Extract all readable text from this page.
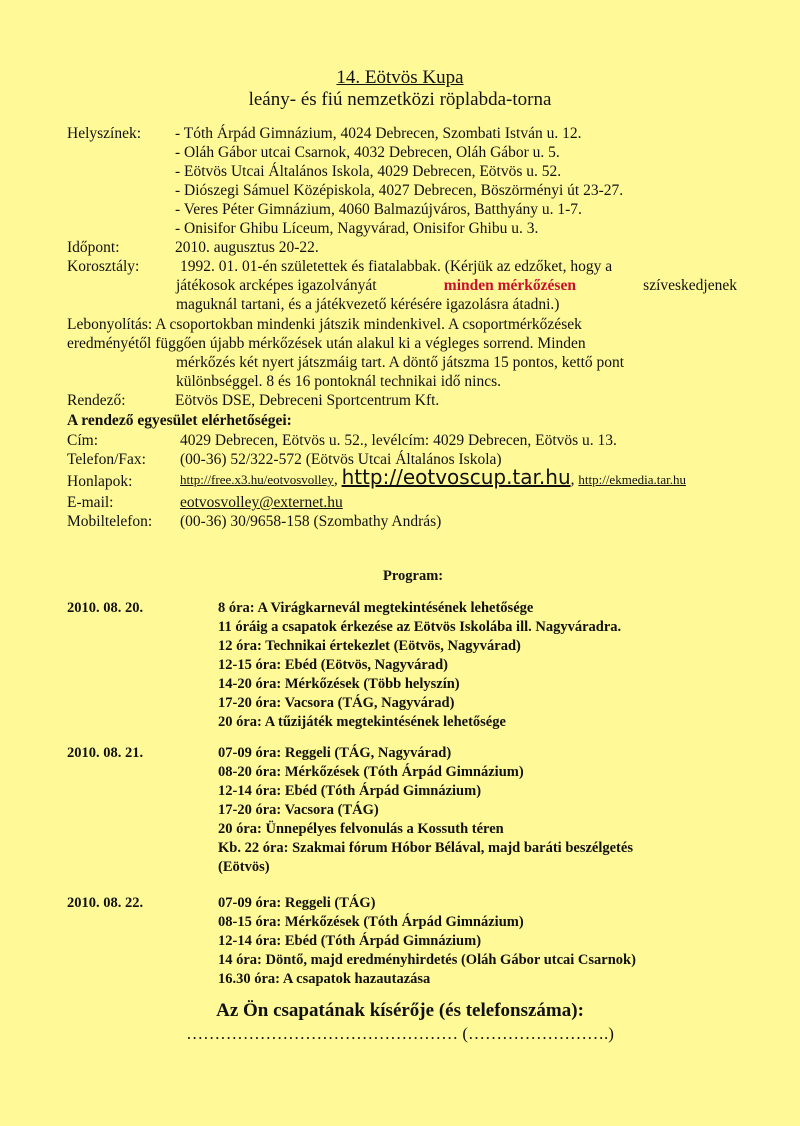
14. Eötvös Kupa
leány- és fiú nemzetközi röplabda-torna
Helyszínek: - Tóth Árpád Gimnázium, 4024 Debrecen, Szombati István u. 12.
- Oláh Gábor utcai Csarnok, 4032 Debrecen, Oláh Gábor u. 5.
- Eötvös Utcai Általános Iskola, 4029 Debrecen, Eötvös u. 52.
- Diószegi Sámuel Középiskola, 4027 Debrecen, Böszörményi út 23-27.
- Veres Péter Gimnázium, 4060 Balmazújváros, Batthyány u. 1-7.
- Onisifor Ghibu Líceum, Nagyvárad, Onisifor Ghibu u. 3.
Időpont:	2010. augusztus 20-22.
Korosztály:	1992. 01. 01-én születettek és fiatalabbak. (Kérjük az edzőket, hogy a
játékosok arcképes igazolványát	minden mérkőzésen	szíveskedjenek
maguknál tartani, és a játékvezető kérésére igazolásra átadni.)
Lebonyolítás: A csoportokban mindenki játszik mindenkivel. A csoportmérkőzések
eredményétől függően újabb mérkőzések után alakul ki a végleges sorrend. Minden
mérkőzés két nyert játszmáig tart. A döntő játszma 15 pontos, kettő pont
különbséggel. 8 és 16 pontoknál technikai idő nincs.
Rendező:	Eötvös DSE, Debreceni Sportcentrum Kft.
A rendező egyesület elérhetőségei:
Cím:	4029 Debrecen, Eötvös u. 52., levélcím: 4029 Debrecen, Eötvös u. 13.
Telefon/Fax: (00-36) 52/322-572 (Eötvös Utcai Általános Iskola)
Honlapok:	http://free.x3.hu/eotvosvolley, http://eotvoscup.tar.hu, http://ekmedia.tar.hu
E-mail:	eotvosvolley@externet.hu
Mobiltelefon: (00-36) 30/9658-158 (Szombathy András)
Program:
2010. 08. 20.	8 óra: A Virágkarnevál megtekintésének lehetősége
11 óráig a csapatok érkezése az Eötvös Iskolába ill. Nagyváradra.
12 óra: Technikai értekezlet (Eötvös, Nagyvárad)
12-15 óra: Ebéd (Eötvös, Nagyvárad)
14-20 óra: Mérkőzések (Több helyszín)
17-20 óra: Vacsora (TÁG, Nagyvárad)
20 óra: A tűzijáték megtekintésének lehetősége
2010. 08. 21.	07-09 óra: Reggeli (TÁG, Nagyvárad)
08-20 óra: Mérkőzések (Tóth Árpád Gimnázium)
12-14 óra: Ebéd (Tóth Árpád Gimnázium)
17-20 óra: Vacsora (TÁG)
20 óra: Ünnepélyes felvonulás a Kossuth téren
Kb. 22 óra: Szakmai fórum Hóbor Bélával, majd baráti beszélgetés
(Eötvös)
2010. 08. 22.	07-09 óra: Reggeli (TÁG)
08-15 óra: Mérkőzések (Tóth Árpád Gimnázium)
12-14 óra: Ebéd (Tóth Árpád Gimnázium)
14 óra: Döntő, majd eredményhirdetés (Oláh Gábor utcai Csarnok)
16.30 óra: A csapatok hazautazása
Az Ön csapatának kísérője (és telefonszáma):
………………………………………… (…………………….)
